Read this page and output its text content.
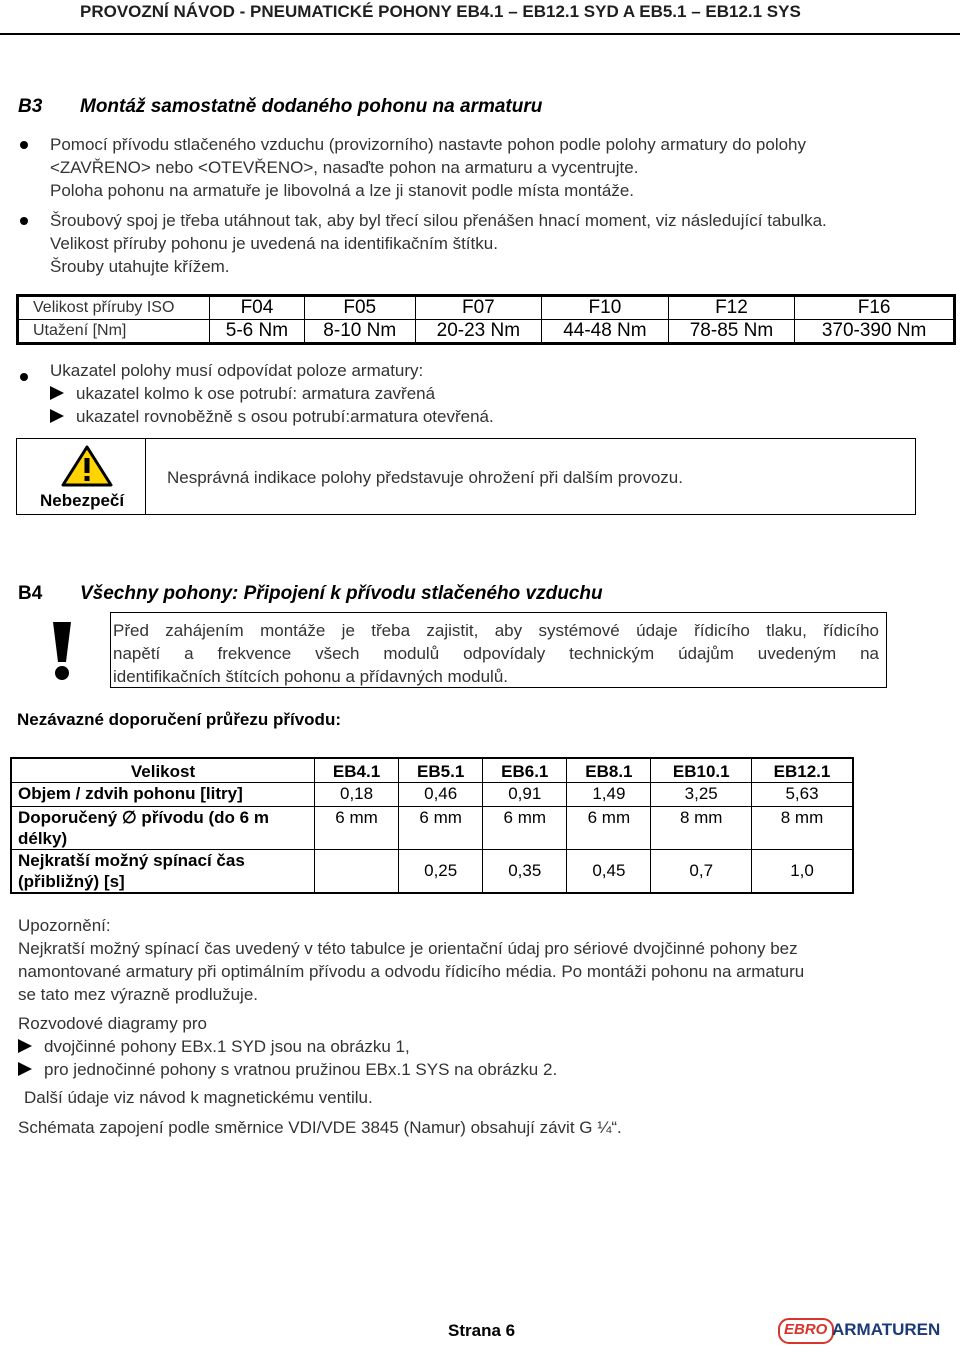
PROVOZNÍ NÁVOD - PNEUMATICKÉ POHONY EB4.1 – EB12.1 SYD A EB5.1 – EB12.1 SYS
B3 Montáž samostatně dodaného pohonu na armaturu
Pomocí přívodu stlačeného vzduchu (provizorního) nastavte pohon podle polohy armatury do polohy
<ZAVŘENO> nebo <OTEVŘENO>, nasaďte pohon na armaturu a vycentrujte.
Poloha pohonu na armatuře je libovolná a lze ji stanovit podle místa montáže.
Šroubový spoj je třeba utáhnout tak, aby byl třecí silou přenášen hnací moment, viz následující tabulka.
Velikost příruby pohonu je uvedená na identifikačním štítku.
Šrouby utahujte křížem.
Velikost příruby ISO	F04	F05	F07	F10	F12	F16
Utažení [Nm]	5-6 Nm	8-10 Nm	20-23 Nm	44-48 Nm	78-85 Nm	370-390 Nm
Ukazatel polohy musí odpovídat poloze armatury:
ukazatel kolmo k ose potrubí: armatura zavřená
ukazatel rovnoběžně s osou potrubí:armatura otevřená.
Nebezpečí
Nesprávná indikace polohy představuje ohrožení při dalším provozu.
B4 Všechny pohony: Připojení k přívodu stlačeného vzduchu
Před zahájením montáže je třeba zajistit, aby systémové údaje řídicího tlaku, řídicího
napětí a frekvence všech modulů odpovídaly technickým údajům uvedeným na
identifikačních štítcích pohonu a přídavných modulů.
Nezávazné doporučení průřezu přívodu:
Velikost	EB4.1	EB5.1	EB6.1	EB8.1	EB10.1	EB12.1
Objem / zdvih pohonu [litry]	0,18	0,46	0,91	1,49	3,25	5,63
Doporučený ∅ přívodu (do 6 m délky)	6 mm	6 mm	6 mm	6 mm	8 mm	8 mm
Nejkratší možný spínací čas (přibližný) [s]		0,25	0,35	0,45	0,7	1,0
Upozornění:
Nejkratší možný spínací čas uvedený v této tabulce je orientační údaj pro sériové dvojčinné pohony bez
namontované armatury při optimálním přívodu a odvodu řídicího média. Po montáži pohonu na armaturu
se tato mez výrazně prodlužuje.
Rozvodové diagramy pro
dvojčinné pohony EBx.1 SYD jsou na obrázku 1,
pro jednočinné pohony s vratnou pružinou EBx.1 SYS na obrázku 2.
Další údaje viz návod k magnetickému ventilu.
Schémata zapojení podle směrnice VDI/VDE 3845 (Namur) obsahují závit G ¼“.
Strana 6	EBRO ARMATUREN
